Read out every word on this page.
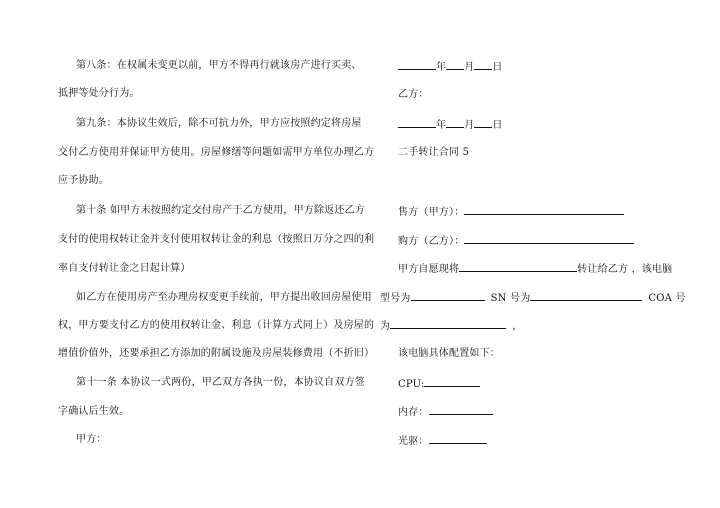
第八条：在权属未变更以前，甲方不得再行就该房产进行买卖、
抵押等处分行为。
第九条：本协议生效后，除不可抗力外，甲方应按照约定将房屋
交付乙方使用并保证甲方使用。房屋修缮等问题如需甲方单位办理乙方
应予协助。
第十条 如甲方未按照约定交付房产于乙方使用，甲方除返还乙方
支付的使用权转让金并支付使用权转让金的利息（按照日万分之四的利
率自支付转让金之日起计算）
如乙方在使用房产至办理房权变更手续前，甲方提出收回房屋使用
权，甲方要支付乙方的使用权转让金、利息（计算方式同上）及房屋的
增值价值外，还要承担乙方添加的附属设施及房屋装修费用（不折旧）
第十一条 本协议一式两份，甲乙双方各执一份，本协议自双方签
字确认后生效。
甲方：
年 月 日
乙方：
年 月 日
二手转让合同 5
售方（甲方）：
购方（乙方）：
甲方自愿现将	转让给乙方 ，该电脑
型号为	SN 号为	COA 号
为	，
该电脑具体配置如下：
CPU:
内存：
光驱：
